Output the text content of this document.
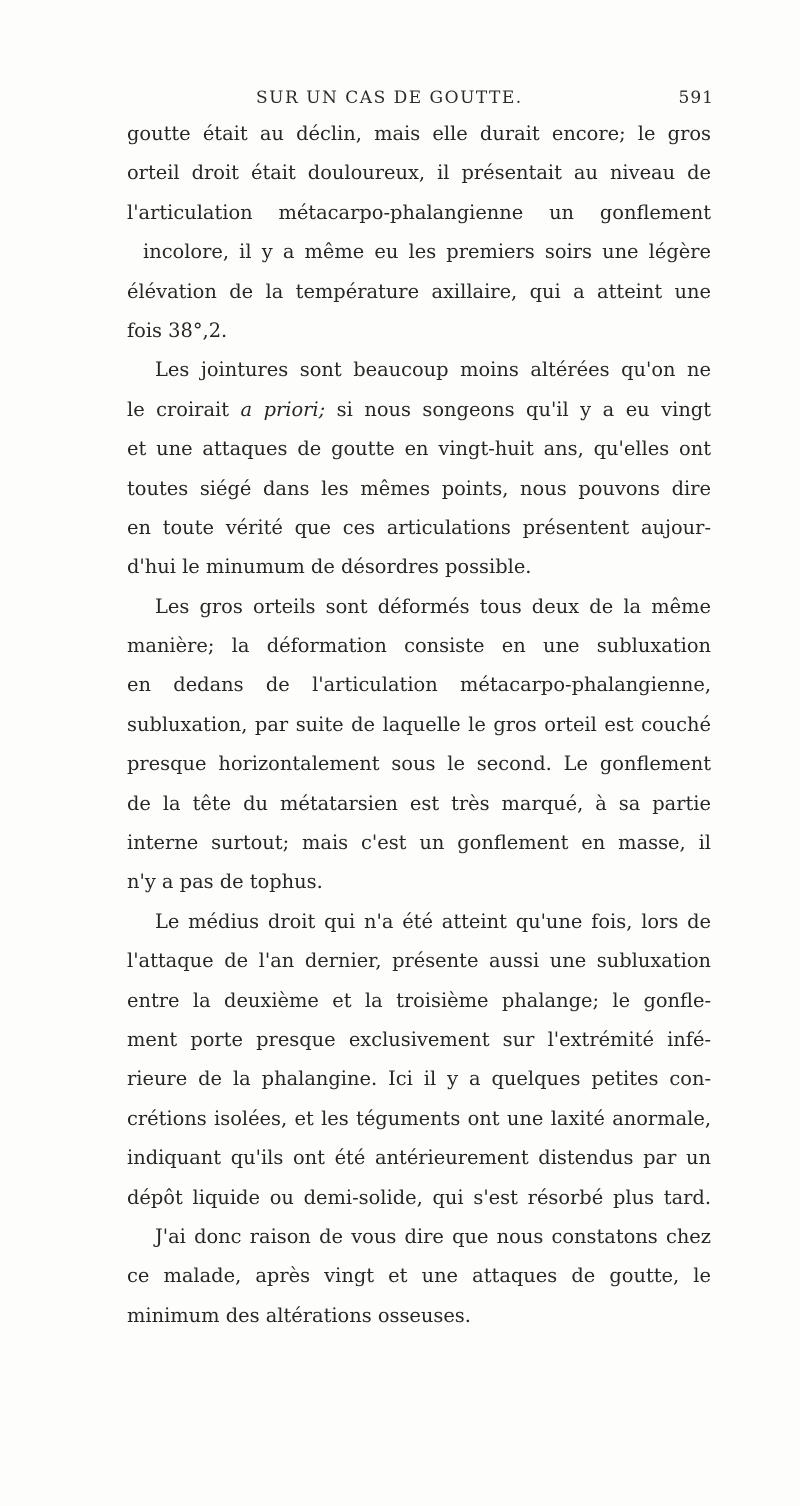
SUR UN CAS DE GOUTTE.	591
goutte était au déclin, mais elle durait encore; le gros
orteil droit était douloureux, il présentait au niveau de
l'articulation métacarpo-phalangienne un gonflement
incolore, il y a même eu les premiers soirs une légère
élévation de la température axillaire, qui a atteint une
fois 38°,2.
Les jointures sont beaucoup moins altérées qu'on ne
le croirait a priori; si nous songeons qu'il y a eu vingt
et une attaques de goutte en vingt-huit ans, qu'elles ont
toutes siégé dans les mêmes points, nous pouvons dire
en toute vérité que ces articulations présentent aujour-
d'hui le minumum de désordres possible.
Les gros orteils sont déformés tous deux de la même
manière; la déformation consiste en une subluxation
en dedans de l'articulation métacarpo-phalangienne,
subluxation, par suite de laquelle le gros orteil est couché
presque horizontalement sous le second. Le gonflement
de la tête du métatarsien est très marqué, à sa partie
interne surtout; mais c'est un gonflement en masse, il
n'y a pas de tophus.
Le médius droit qui n'a été atteint qu'une fois, lors de
l'attaque de l'an dernier, présente aussi une subluxation
entre la deuxième et la troisième phalange; le gonfle-
ment porte presque exclusivement sur l'extrémité infé-
rieure de la phalangine. Ici il y a quelques petites con-
crétions isolées, et les téguments ont une laxité anormale,
indiquant qu'ils ont été antérieurement distendus par un
dépôt liquide ou demi-solide, qui s'est résorbé plus tard.
J'ai donc raison de vous dire que nous constatons chez
ce malade, après vingt et une attaques de goutte, le
minimum des altérations osseuses.
